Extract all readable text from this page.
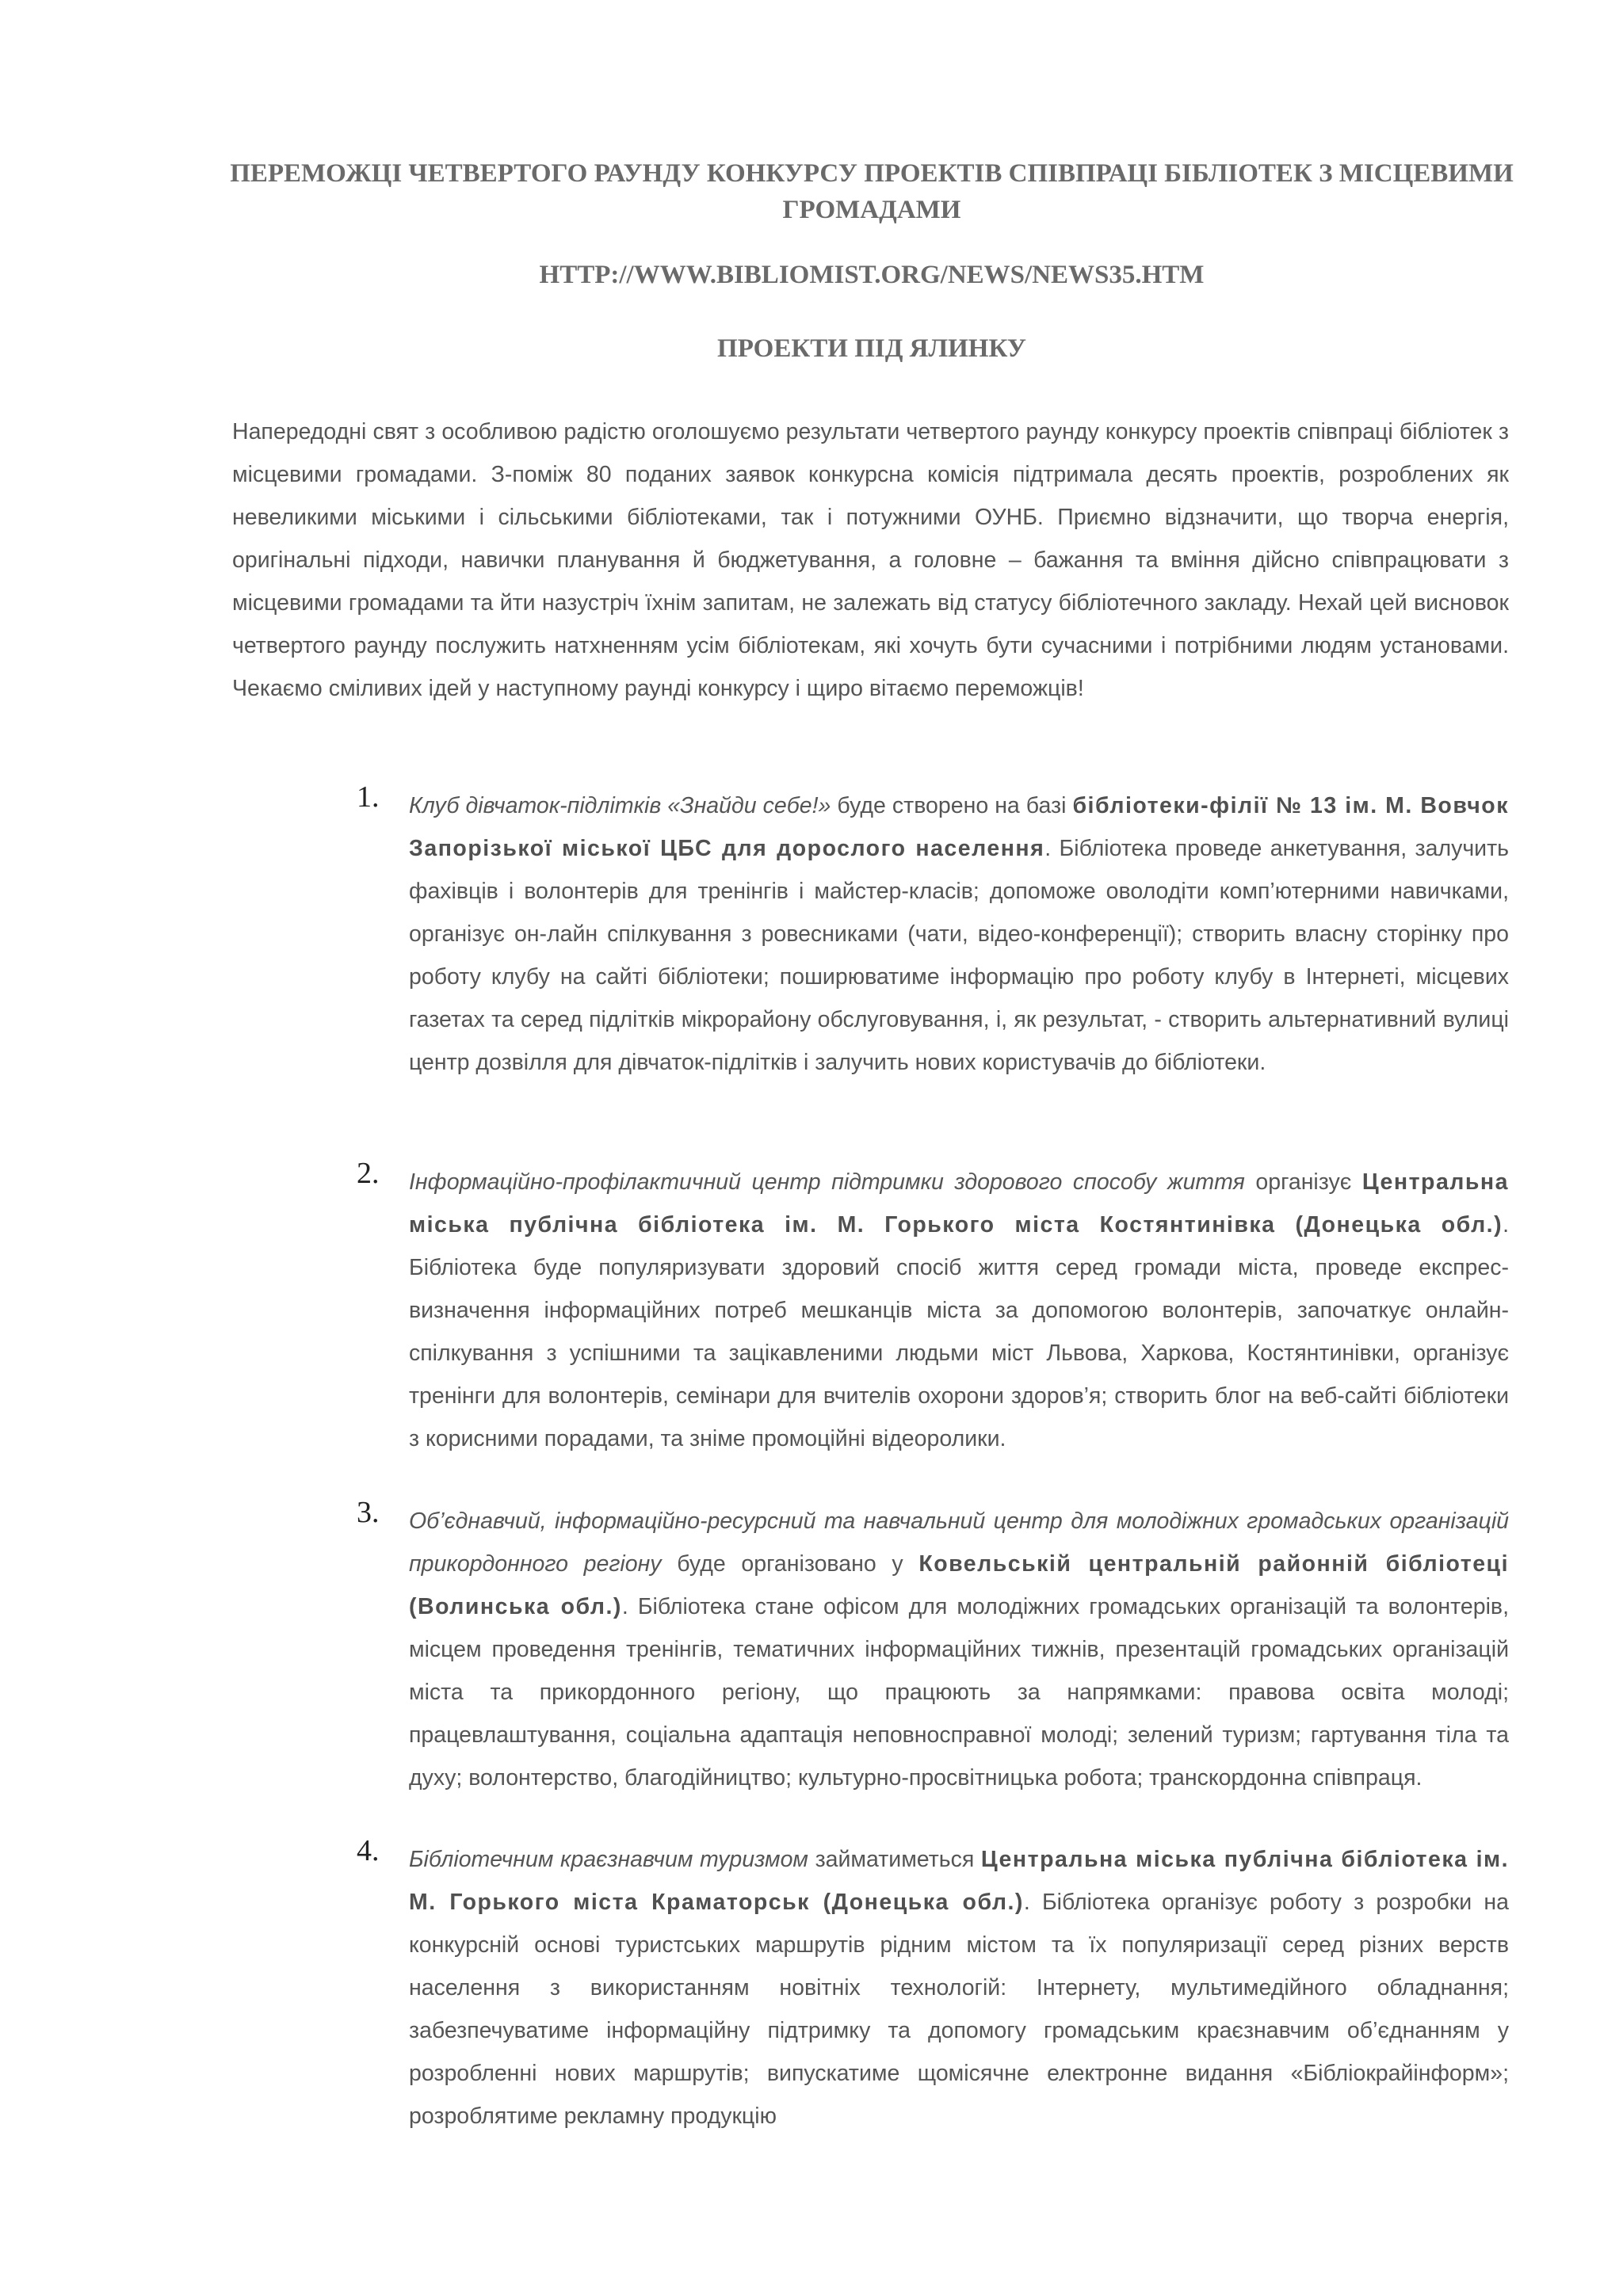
ПЕРЕМОЖЦІ ЧЕТВЕРТОГО РАУНДУ КОНКУРСУ ПРОЕКТІВ СПІВПРАЦІ БІБЛІОТЕК З МІСЦЕВИМИ ГРОМАДАМИ
HTTP://WWW.BIBLIOMIST.ORG/NEWS/NEWS35.HTM
ПРОЕКТИ ПІД ЯЛИНКУ

Напередодні свят з особливою радістю оголошуємо результати четвертого раунду конкурсу проектів співпраці бібліотек з місцевими громадами. З-поміж 80 поданих заявок конкурсна комісія підтримала десять проектів, розроблених як невеликими міськими і сільськими бібліотеками, так і потужними ОУНБ. Приємно відзначити, що творча енергія, оригінальні підходи, навички планування й бюджетування, а головне – бажання та вміння дійсно співпрацювати з місцевими громадами та йти назустріч їхнім запитам, не залежать від статусу бібліотечного закладу. Нехай цей висновок четвертого раунду послужить натхненням усім бібліотекам, які хочуть бути сучасними і потрібними людям установами. Чекаємо сміливих ідей у наступному раунді конкурсу і щиро вітаємо переможців!

1. Клуб дівчаток-підлітків «Знайди себе!» буде створено на базі бібліотеки-філії № 13 ім. М. Вовчок Запорізької міської ЦБС для дорослого населення. Бібліотека проведе анкетування, залучить фахівців і волонтерів для тренінгів і майстер-класів; допоможе оволодіти комп’ютерними навичками, організує он-лайн спілкування з ровесниками (чати, відео-конференції); створить власну сторінку про роботу клубу на сайті бібліотеки; поширюватиме інформацію про роботу клубу в Інтернеті, місцевих газетах та серед підлітків мікрорайону обслуговування, і, як результат, - створить альтернативний вулиці центр дозвілля для дівчаток-підлітків і залучить нових користувачів до бібліотеки.

2. Інформаційно-профілактичний центр підтримки здорового способу життя організує Центральна міська публічна бібліотека ім. М. Горького міста Костянтинівка (Донецька обл.). Бібліотека буде популяризувати здоровий спосіб життя серед громади міста, проведе експрес-визначення інформаційних потреб мешканців міста за допомогою волонтерів, започаткує онлайн-спілкування з успішними та зацікавленими людьми міст Львова, Харкова, Костянтинівки, організує тренінги для волонтерів, семінари для вчителів охорони здоров’я; створить блог на веб-сайті бібліотеки з корисними порадами, та зніме промоційні відеоролики.

3. Об’єднавчий, інформаційно-ресурсний та навчальний центр для молодіжних громадських організацій прикордонного регіону буде організовано у Ковельській центральній районній бібліотеці (Волинська обл.). Бібліотека стане офісом для молодіжних громадських організацій та волонтерів, місцем проведення тренінгів, тематичних інформаційних тижнів, презентацій громадських організацій міста та прикордонного регіону, що працюють за напрямками: правова освіта молоді; працевлаштування, соціальна адаптація неповносправної молоді; зелений туризм; гартування тіла та духу; волонтерство, благодійництво; культурно-просвітницька робота; транскордонна співпраця.

4. Бібліотечним краєзнавчим туризмом займатиметься Центральна міська публічна бібліотека ім. М. Горького міста Краматорськ (Донецька обл.). Бібліотека організує роботу з розробки на конкурсній основі туристських маршрутів рідним містом та їх популяризації серед різних верств населення з використанням новітніх технологій: Інтернету, мультимедійного обладнання; забезпечуватиме інформаційну підтримку та допомогу громадським краєзнавчим об’єднанням у розробленні нових маршрутів; випускатиме щомісячне електронне видання «Бібліокрайінформ»; розроблятиме рекламну продукцію
